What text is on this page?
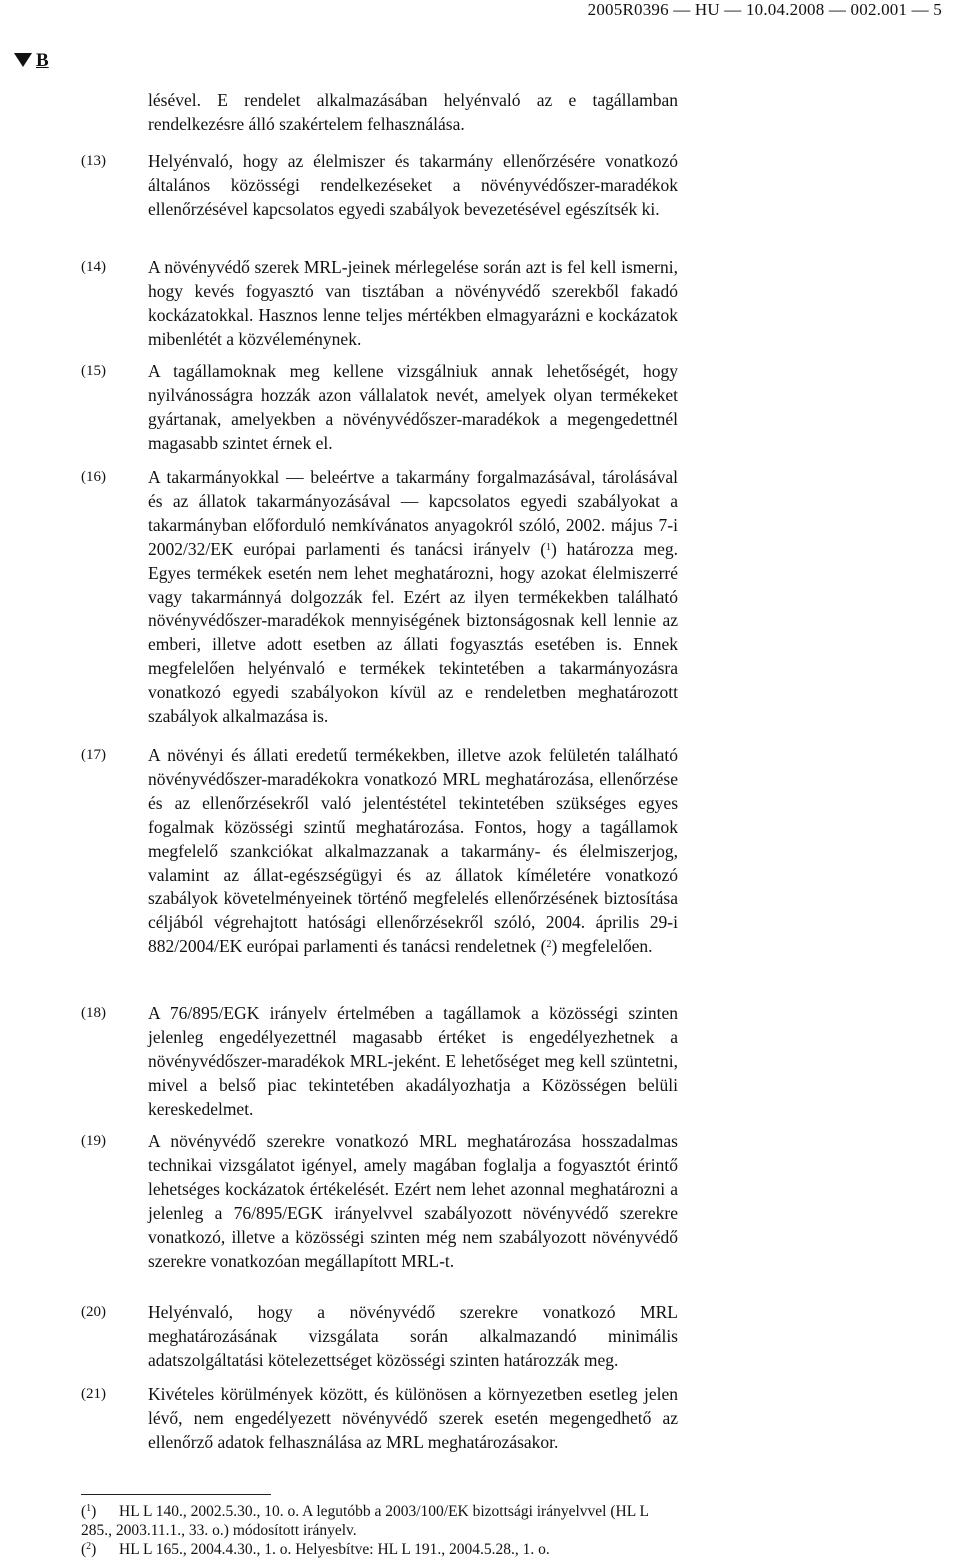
2005R0396 — HU — 10.04.2008 — 002.001 — 5
B
lésével. E rendelet alkalmazásában helyénvaló az e tagállamban rendelkezésre álló szakértelem felhasználása.
(13) Helyénvaló, hogy az élelmiszer és takarmány ellenőrzésére vonatkozó általános közösségi rendelkezéseket a növényvédőszer-maradékok ellenőrzésével kapcsolatos egyedi szabályok bevezetésével egészítsék ki.
(14) A növényvédő szerek MRL-jeinek mérlegelése során azt is fel kell ismerni, hogy kevés fogyasztó van tisztában a növényvédő szerekből fakadó kockázatokkal. Hasznos lenne teljes mértékben elmagyarázni e kockázatok mibenlétét a közvéleménynek.
(15) A tagállamoknak meg kellene vizsgálniuk annak lehetőségét, hogy nyilvánosságra hozzák azon vállalatok nevét, amelyek olyan termékeket gyártanak, amelyekben a növényvédőszer-maradékok a megengedettnél magasabb szintet érnek el.
(16) A takarmányokkal — beleértve a takarmány forgalmazásával, tárolásával és az állatok takarmányozásával — kapcsolatos egyedi szabályokat a takarmányban előforduló nemkívánatos anyagokról szóló, 2002. május 7-i 2002/32/EK európai parlamenti és tanácsi irányelv ($^1$) határozza meg. Egyes termékek esetén nem lehet meghatározni, hogy azokat élelmiszerré vagy takarmánnyá dolgozzák fel. Ezért az ilyen termékekben található növényvédőszer-maradékok mennyiségének biztonságosnak kell lennie az emberi, illetve adott esetben az állati fogyasztás esetében is. Ennek megfelelően helyénvaló e termékek tekintetében a takarmányozásra vonatkozó egyedi szabályokon kívül az e rendeletben meghatározott szabályok alkalmazása is.
(17) A növényi és állati eredetű termékekben, illetve azok felületén található növényvédőszer-maradékokra vonatkozó MRL meghatározása, ellenőrzése és az ellenőrzésekről való jelentéstétel tekintetében szükséges egyes fogalmak közösségi szintű meghatározása. Fontos, hogy a tagállamok megfelelő szankciókat alkalmazzanak a takarmány- és élelmiszerjog, valamint az állat-egészségügyi és az állatok kíméletére vonatkozó szabályok követelményeinek történő megfelelés ellenőrzésének biztosítása céljából végrehajtott hatósági ellenőrzésekről szóló, 2004. április 29-i 882/2004/EK európai parlamenti és tanácsi rendeletnek ($^2$) megfelelően.
(18) A 76/895/EGK irányelv értelmében a tagállamok a közösségi szinten jelenleg engedélyezettnél magasabb értéket is engedélyezhetnek a növényvédőszer-maradékok MRL-jeként. E lehetőséget meg kell szüntetni, mivel a belső piac tekintetében akadályozhatja a Közösségen belüli kereskedelmet.
(19) A növényvédő szerekre vonatkozó MRL meghatározása hosszadalmas technikai vizsgálatot igényel, amely magában foglalja a fogyasztót érintő lehetséges kockázatok értékelését. Ezért nem lehet azonnal meghatározni a jelenleg a 76/895/EGK irányelvvel szabályozott növényvédő szerekre vonatkozó, illetve a közösségi szinten még nem szabályozott növényvédő szerekre vonatkozóan megállapított MRL-t.
(20) Helyénvaló, hogy a növényvédő szerekre vonatkozó MRL meghatározásának vizsgálata során alkalmazandó minimális adatszolgáltatási kötelezettséget közösségi szinten határozzák meg.
(21) Kivételes körülmények között, és különösen a környezetben esetleg jelen lévő, nem engedélyezett növényvédő szerek esetén megengedhető az ellenőrző adatok felhasználása az MRL meghatározásakor.
($^1$) HL L 140., 2002.5.30., 10. o. A legutóbb a 2003/100/EK bizottsági irányelvvel (HL L 285., 2003.11.1., 33. o.) módosított irányelv.
($^2$) HL L 165., 2004.4.30., 1. o. Helyesbítve: HL L 191., 2004.5.28., 1. o.
